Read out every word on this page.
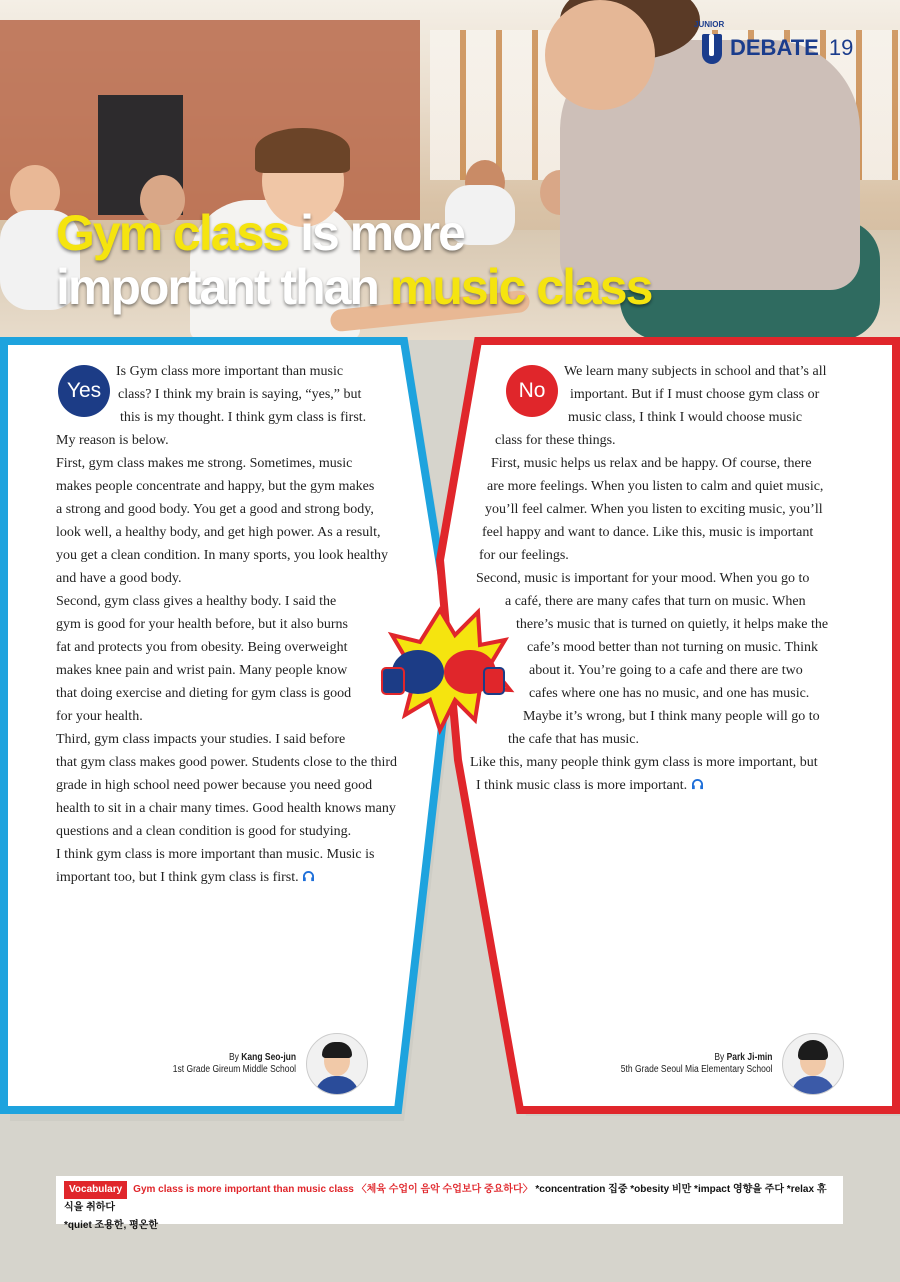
JUNIOR
DEBATE 19
Gym class is more
important than music class
Yes
Is Gym class more important than music
class? I think my brain is saying, “yes,” but
this is my thought. I think gym class is first.
My reason is below.
First, gym class makes me strong. Sometimes, music
makes people concentrate and happy, but the gym makes
a strong and good body. You get a good and strong body,
look well, a healthy body, and get high power. As a result,
you get a clean condition. In many sports, you look healthy
and have a good body.
Second, gym class gives a healthy body. I said the
gym is good for your health before, but it also burns
fat and protects you from obesity. Being overweight
makes knee pain and wrist pain. Many people know
that doing exercise and dieting for gym class is good
for your health.
Third, gym class impacts your studies. I said before
that gym class makes good power. Students close to the third
grade in high school need power because you need good
health to sit in a chair many times. Good health knows many
questions and a clean condition is good for studying.
I think gym class is more important than music. Music is
important too, but I think gym class is first.
By Kang Seo-jun
1st Grade Gireum Middle School
No
We learn many subjects in school and that’s all
important. But if I must choose gym class or
music class, I think I would choose music
class for these things.
First, music helps us relax and be happy. Of course, there
are more feelings. When you listen to calm and quiet music,
you’ll feel calmer. When you listen to exciting music, you’ll
feel happy and want to dance. Like this, music is important
for our feelings.
Second, music is important for your mood. When you go to
a café, there are many cafes that turn on music. When
there’s music that is turned on quietly, it helps make the
cafe’s mood better than not turning on music. Think
about it. You’re going to a cafe and there are two
cafes where one has no music, and one has music.
Maybe it’s wrong, but I think many people will go to
the cafe that has music.
Like this, many people think gym class is more important, but
I think music class is more important.
By Park Ji-min
5th Grade Seoul Mia Elementary School
Vocabulary Gym class is more important than music class 〈체육 수업이 음악 수업보다 중요하다〉 *concentration 집중 *obesity 비만 *impact 영향을 주다 *relax 휴식을 취하다
*quiet 조용한, 평온한
